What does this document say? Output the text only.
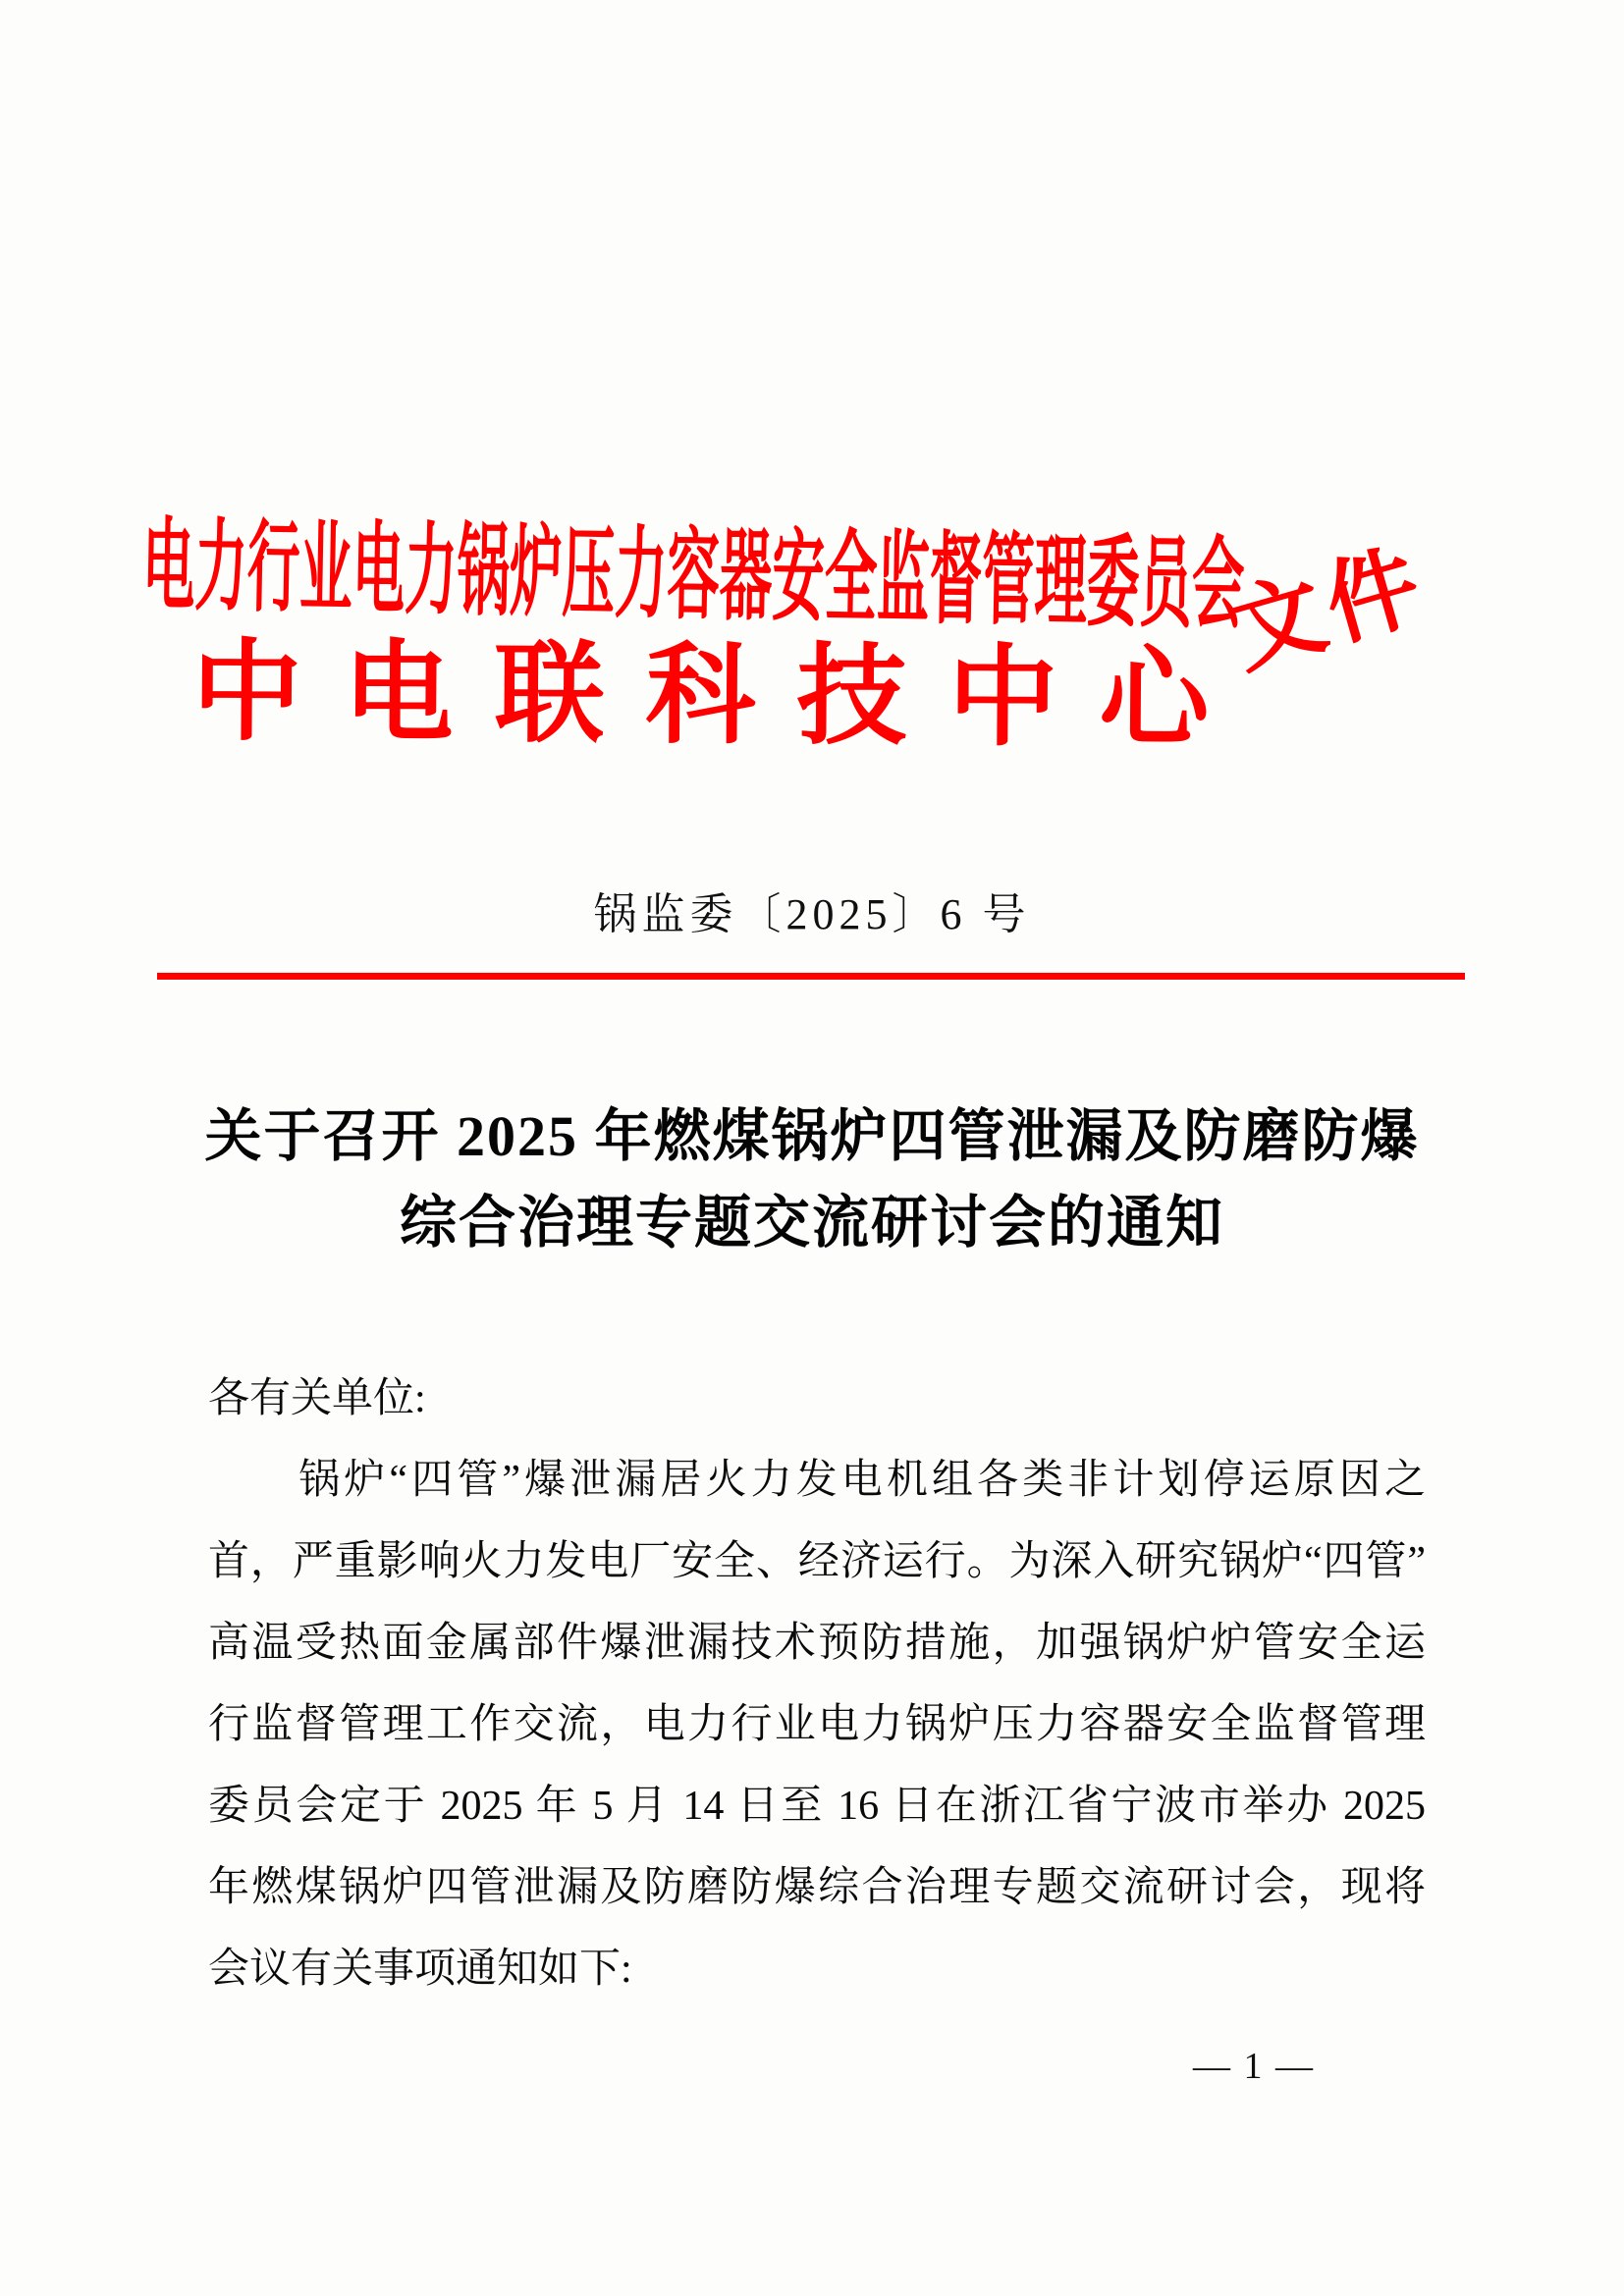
电力行业电力锅炉压力容器安全监督管理委员会
文件
中电联科技中心
锅监委〔2025〕6 号
关于召开 2025 年燃煤锅炉四管泄漏及防磨防爆
综合治理专题交流研讨会的通知
各有关单位:
　　锅炉“四管”爆泄漏居火力发电机组各类非计划停运原因之
首，严重影响火力发电厂安全、经济运行。为深入研究锅炉“四管”
高温受热面金属部件爆泄漏技术预防措施，加强锅炉炉管安全运
行监督管理工作交流，电力行业电力锅炉压力容器安全监督管理
委员会定于 2025 年 5 月 14 日至 16 日在浙江省宁波市举办 2025
年燃煤锅炉四管泄漏及防磨防爆综合治理专题交流研讨会，现将
会议有关事项通知如下:
— 1 —
